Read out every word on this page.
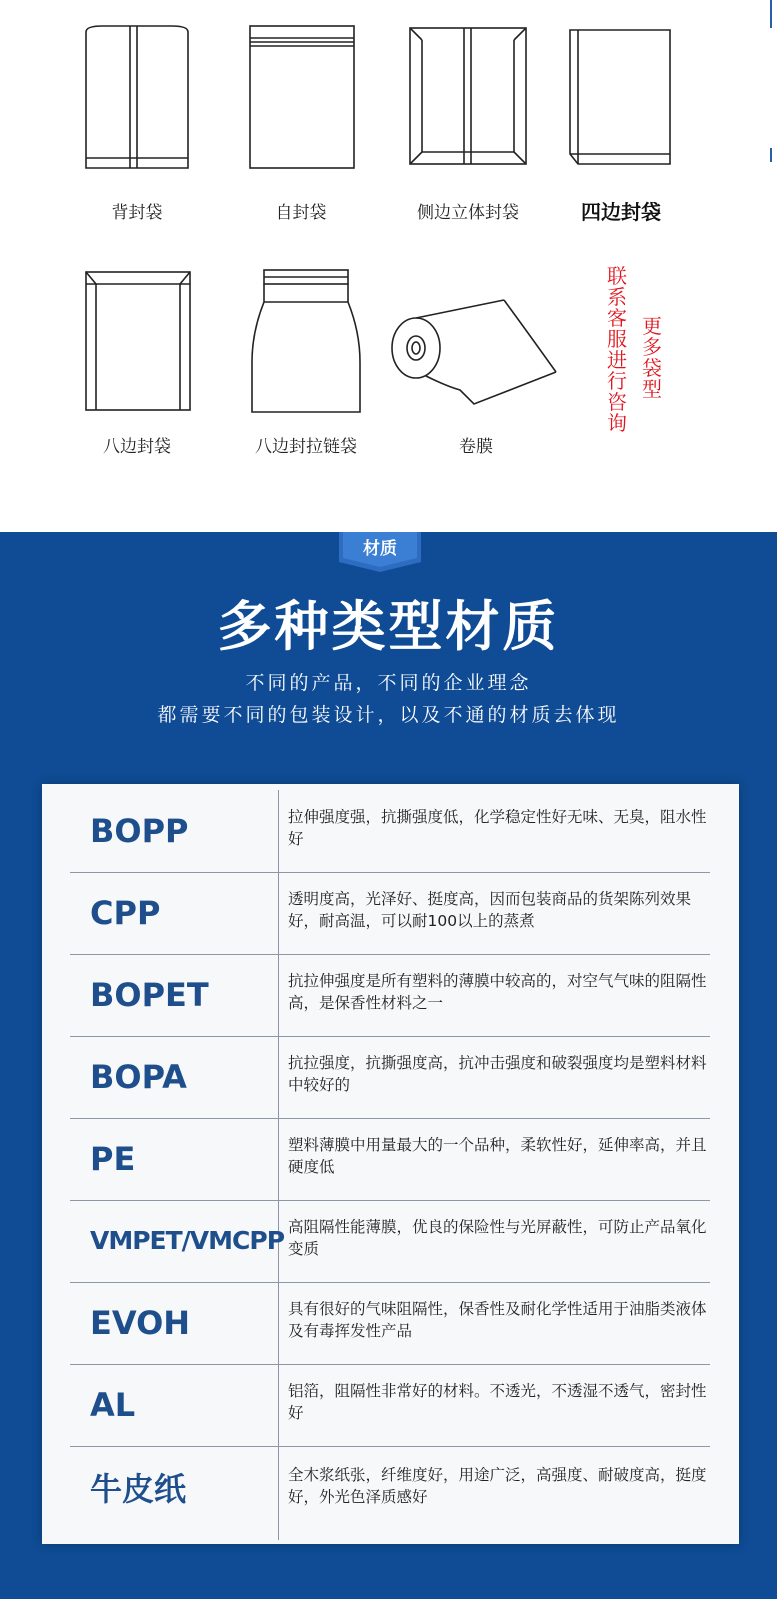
背封袋	自封袋	侧边立体封袋	四边封袋
八边封袋	八边封拉链袋	卷膜
联系客服进行咨询
更多袋型
材质
多种类型材质
不同的产品，不同的企业理念
都需要不同的包装设计，以及不通的材质去体现
BOPP	拉伸强度强，抗撕强度低，化学稳定性好无味、无臭，阻水性好
CPP	透明度高，光泽好、挺度高，因而包装商品的货架陈列效果好，耐高温，可以耐100以上的蒸煮
BOPET	抗拉伸强度是所有塑料的薄膜中较高的，对空气气味的阻隔性高，是保香性材料之一
BOPA	抗拉强度，抗撕强度高，抗冲击强度和破裂强度均是塑料材料中较好的
PE	塑料薄膜中用量最大的一个品种，柔软性好，延伸率高，并且硬度低
VMPET/VMCPP 高阻隔性能薄膜，优良的保险性与光屏蔽性，可防止产品氧化变质
EVOH	具有很好的气味阻隔性，保香性及耐化学性适用于油脂类液体及有毒挥发性产品
AL	铝箔，阻隔性非常好的材料。不透光，不透湿不透气，密封性好
牛皮纸	全木浆纸张，纤维度好，用途广泛，高强度、耐破度高，挺度好，外光色泽质感好
